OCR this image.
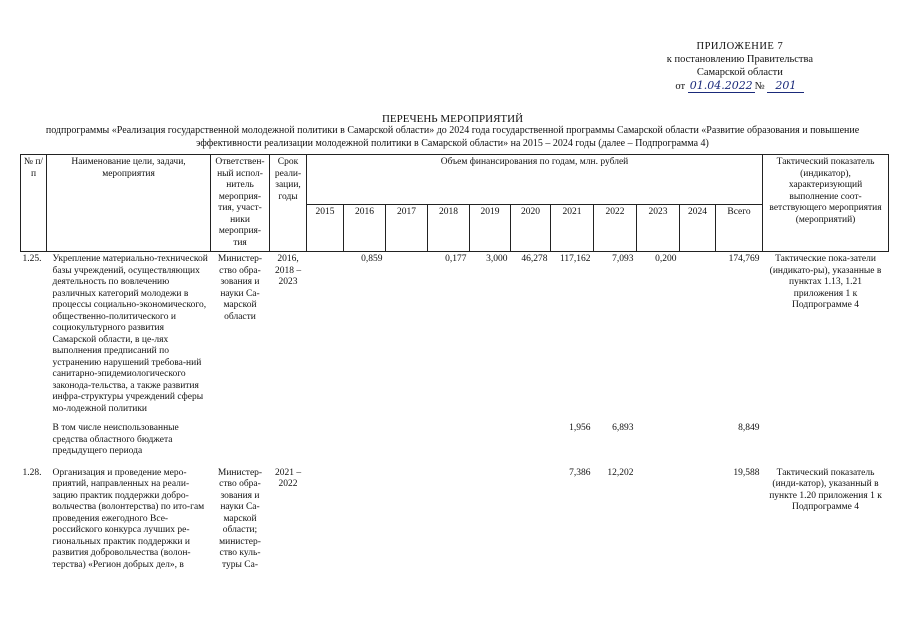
ПРИЛОЖЕНИЕ 7
к постановлению Правительства
Самарской области
от 01.04.2022 № 201
ПЕРЕЧЕНЬ МЕРОПРИЯТИЙ
подпрограммы «Реализация государственной молодежной политики в Самарской области» до 2024 года государственной программы Самарской области «Развитие образования и повышение эффективности реализации молодежной политики в Самарской области» на 2015 – 2024 годы (далее – Подпрограмма 4)
№ п/п	Наименование цели, задачи, мероприятия	Ответствен-ный испол-нитель мероприя-тия, участ-ники мероприя-тия	Срок реали-зации, годы	Объем финансирования по годам, млн. рублей											Тактический показатель (индикатор), характеризующий выполнение соот-ветствующего мероприятия (мероприятий)
				2015	2016	2017	2018	2019	2020	2021	2022	2023	2024	Всего	
1.25.	Укрепление материально-технической базы учреждений, осуществляющих деятельность по вовлечению различных категорий молодежи в процессы социально-экономического, общественно-политического и социокультурного развития Самарской области, в це-лях выполнения предписаний по устранению нарушений требова-ний санитарно-эпидемиологического законода-тельства, а также развития инфра-структуры учреждений сферы мо-лодежной политики	Министер-ство обра-зования и науки Са-марской области	2016, 2018 – 2023		0,859		0,177	3,000	46,278	117,162	7,093	0,200		174,769	Тактические пока-затели (индикато-ры), указанные в пунктах 1.13, 1.21 приложения 1 к Подпрограмме 4
	В том числе неиспользованные средства областного бюджета предыдущего периода									1,956	6,893			8,849	
1.28.	Организация и проведение меро-приятий, направленных на реали-зацию практик поддержки добро-вольчества (волонтерства) по ито-гам проведения ежегодного Все-российского конкурса лучших ре-гиональных практик поддержки и развития добровольчества (волон-терства) «Регион добрых дел», в	Министер-ство обра-зования и науки Са-марской области; министер-ство куль-туры Са-	2021 – 2022							7,386	12,202			19,588	Тактический показатель (инди-катор), указанный в пункте 1.20 приложения 1 к Подпрограмме 4
